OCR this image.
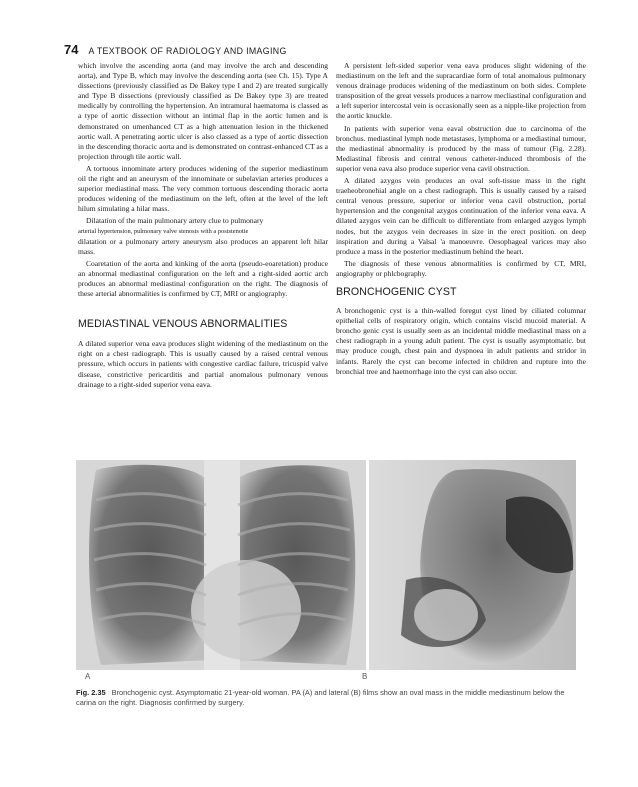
74 A TEXTBOOK OF RADIOLOGY AND IMAGING

which involve the ascending aorta (and may involve the arch and descending aorta), and Type B, which may involve the descending aorta (see Ch. 15). Type A dissections (previously classified as De Bakey type I and 2) are treated surgically and Type B dissections (previously classified as De Bakey type 3) are treated medically by controlling the hypertension. An intramural haematoma is classed as a type of aortic dissection without an intimal flap in the aortic lumen and is demonstrated on umenhanced CT as a high attenuation lesion in the thickened aortic wall. A penetrating aortic ulcer is also classed as a type of aortic dissection in the descending thoracic aorta and is demonstrated on contrast-enhanced CT as a projection through tile aortic wall.

A tortuous innominate artery produces widening of the superior mediastinum oil the right and an aneurysm of the innominate or subelavian arteries produces a superior mediastinal mass. The very common tortuous descending thoracic aorta produces widening of the mediastinum on the left, often at the level of the left hilum simulating a hilar mass.

Dilatation of the main pulmonary artery clue to pulmonary

arterial hypertension, pulmonary valve stenosis with a poststenotie

dilatation or a pulmonary artery aneurysm also produces an apparent left hilar mass.

Coaretation of the aorta and kinking of the aorta (pseudo-eoaretation) produce an abnormal mediastinal configuration on the left and a right-sided aortic arch produces an abnormal mediastinal configuration on the right. The diagnosis of these arterial abnormalities is confirmed by CT, MRI or angiography.

MEDIASTINAL VENOUS ABNORMALITIES

A dilated superior vena eava produces slight widening of the mediastinum on the right on a chest radiograph. This is usually caused by a raised central venous pressure, which occurs in patients with congestive cardiac failure, tricuspid valve disease, constrictive pericarditis and partial anomalous pulmonary venous drainage to a right-sided superior vena eava.

A persistent left-sided superior vena eava produces slight widening of the mediastinum on the left and the supracardiae form of total anomalous pulmonary venous drainage produces widening of the mediastinum on both sides. Complete transposition of the great vessels produces a narrow mecliastinal configuration and a left superior intercostal vein is occasionally seen as a nipple-like projection from the aortic knuckle.

In patients with superior vena eaval obstruction due to carcinoma of the bronchus. mediastinal lymph node metastases, lymphoma or a mediastinal tumour, the mediastinal abnormality is produced by the mass of tumour (Fig. 2.28). Mediastinal fibrosis and central venous catheter-induced thrombosis of the superior vena eava also produce superior vena cavil obstruction.

A dilated azygos vein produces an oval soft-tissue mass in the right traeheobronehial angle on a chest radiograph. This is usually caused by a raised central venous pressure, superior or inferior vena cavil obstruction, portal hypertension and the congenital azygos continuation of the inferior vena eava. A dilated azygos vein can be difficult to differentiate from enlarged azygos lymph nodes, but the azygos vein decreases in size in the erect position. on deep inspiration and during a Valsal 'a manoeuvre. Oesophageal varices may also produce a mass in the posterior mediastinum behind the heart.

The diagnosis of these venous abnormalities is confirmed by CT, MRI, angiography or phlcbography.

BRONCHOGENIC CYST

A bronchogenic cyst is a thin-walled foregut cyst lined by ciliated columnar epithelial cells of respiratory origin, which contains viscid mucoid material. A broncho genic cyst is usually seen as an incidental middle mediastinal mass on a chest radiograph in a young adult patient. The cyst is usually asymptomatic. but may produce cough, chest pain and dyspnoea in adult patients and stridor in infants. Rarely the cyst can become infected in children and rupture into the bronchial tree and haemorrhage into the cyst can also occur.

A	B
Fig. 2.35 Bronchogenic cyst. Asymptomatic 21-year-old woman. PA (A) and lateral (B) films show an oval mass in the middle mediastinum below the carina on the right. Diagnosis confirmed by surgery.
